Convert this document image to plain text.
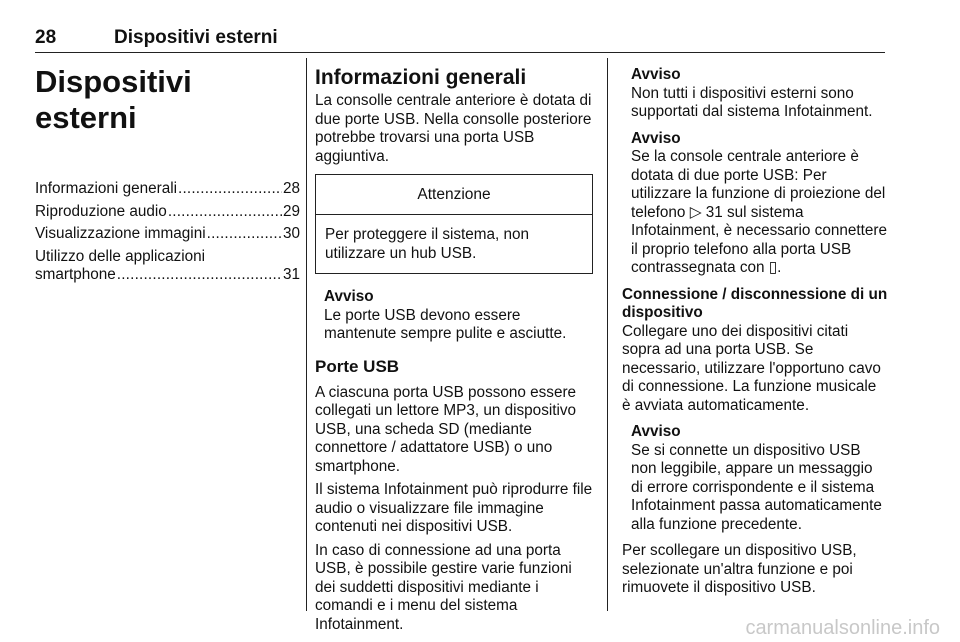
28	Dispositivi esterni
Dispositivi esterni
Informazioni generali .....	28
Riproduzione audio .....	29
Visualizzazione immagini .....	30
Utilizzo delle applicazioni
smartphone .....	31
Informazioni generali
La consolle centrale anteriore è dotata di due porte USB. Nella consolle posteriore potrebbe trovarsi una porta USB aggiuntiva.
Attenzione
Per proteggere il sistema, non utilizzare un hub USB.
Avviso
Le porte USB devono essere mantenute sempre pulite e asciutte.
Porte USB
A ciascuna porta USB possono essere collegati un lettore MP3, un dispositivo USB, una scheda SD (mediante connettore / adattatore USB) o uno smartphone.
Il sistema Infotainment può riprodurre file audio o visualizzare file immagine contenuti nei dispositivi USB.
In caso di connessione ad una porta USB, è possibile gestire varie funzioni dei suddetti dispositivi mediante i comandi e i menu del sistema Infotainment.
Avviso
Non tutti i dispositivi esterni sono supportati dal sistema Infotainment.
Avviso
Se la console centrale anteriore è dotata di due porte USB: Per utilizzare la funzione di proiezione del telefono ▷ 31 sul sistema Infotainment, è necessario connettere il proprio telefono alla porta USB contrassegnata con ▯.
Connessione / disconnessione di un dispositivo
Collegare uno dei dispositivi citati sopra ad una porta USB. Se necessario, utilizzare l'opportuno cavo di connessione. La funzione musicale è avviata automaticamente.
Avviso
Se si connette un dispositivo USB non leggibile, appare un messaggio di errore corrispondente e il sistema Infotainment passa automaticamente alla funzione precedente.
Per scollegare un dispositivo USB, selezionate un'altra funzione e poi rimuovete il dispositivo USB.
carmanualsonline.info
